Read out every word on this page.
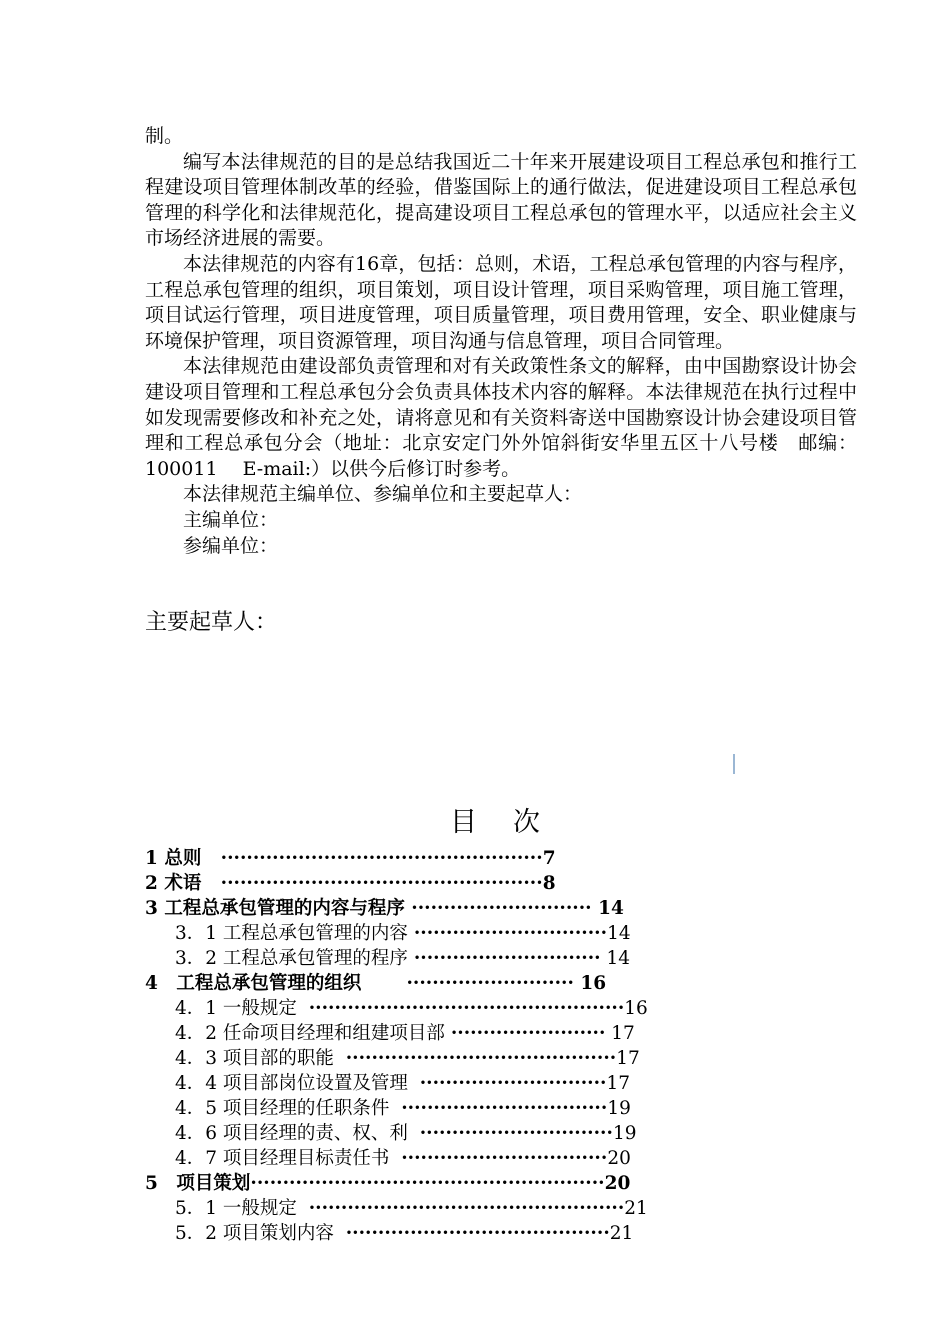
制。

编写本法律规范的目的是总结我国近二十年来开展建设项目工程总承包和推行工程建设项目管理体制改革的经验，借鉴国际上的通行做法，促进建设项目工程总承包管理的科学化和法律规范化，提高建设项目工程总承包的管理水平，以适应社会主义市场经济进展的需要。

本法律规范的内容有16章，包括：总则，术语，工程总承包管理的内容与程序，工程总承包管理的组织，项目策划，项目设计管理，项目采购管理，项目施工管理，项目试运行管理，项目进度管理，项目质量管理，项目费用管理，安全、职业健康与环境保护管理，项目资源管理，项目沟通与信息管理，项目合同管理。

本法律规范由建设部负责管理和对有关政策性条文的解释，由中国勘察设计协会建设项目管理和工程总承包分会负责具体技术内容的解释。本法律规范在执行过程中如发现需要修改和补充之处，请将意见和有关资料寄送中国勘察设计协会建设项目管理和工程总承包分会（地址：北京安定门外外馆斜街安华里五区十八号楼　邮编：100011　 E-mail:）以供今后修订时参考。

本法律规范主编单位、参编单位和主要起草人：

主编单位：

参编单位：

主要起草人：
目 次
1 总则 ··················································7
2 术语 ··················································8
3 工程总承包管理的内容与程序 ···························· 14
3．1 工程总承包管理的内容 ······························14
3．2 工程总承包管理的程序 ····························· 14
4　工程总承包管理的组织 ·························· 16
4．1 一般规定 ·················································16
4．2 任命项目经理和组建项目部 ························ 17
4．3 项目部的职能 ··········································17
4．4 项目部岗位设置及管理 ·····························17
4．5 项目经理的任职条件 ································19
4．6 项目经理的责、权、利 ······························19
4．7 项目经理目标责任书 ································20
5　项目策划·······················································20
5．1 一般规定 ·················································21
5．2 项目策划内容 ·········································21
